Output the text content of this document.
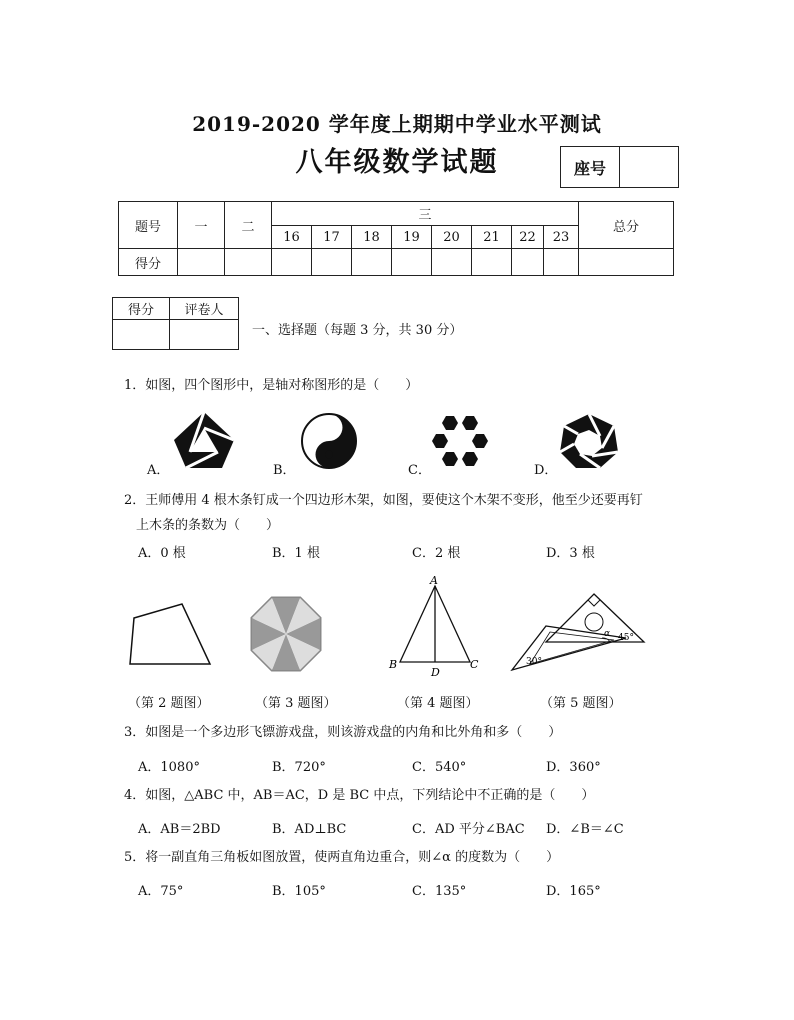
2019-2020 学年度上期期中学业水平测试
八年级数学试题	座号	
题号	一	二	三								总分
			16	17	18	19	20	21	22	23	
得分											
得分	评卷人

一、选择题（每题 3 分，共 30 分）
1．如图，四个图形中，是轴对称图形的是（　　）
A．	B．	C．	D．
2．王师傅用 4 根木条钉成一个四边形木架，如图，要使这个木架不变形，他至少还要再钉
上木条的条数为（　　）
A．0 根	B．1 根	C．2 根	D．3 根
A
B	C
D
α 45°
30°
（第 2 题图）	（第 3 题图）	（第 4 题图）	（第 5 题图）
3．如图是一个多边形飞镖游戏盘，则该游戏盘的内角和比外角和多（　　）
A．1080°	B．720°	C．540°	D．360°
4．如图，△ABC 中，AB＝AC，D 是 BC 中点，下列结论中不正确的是（　　）
A．AB＝2BD	B．AD⊥BC	C．AD 平分∠BAC D．∠B＝∠C
5．将一副直角三角板如图放置，使两直角边重合，则∠α 的度数为（　　）
A．75°	B．105°	C．135°	D．165°
